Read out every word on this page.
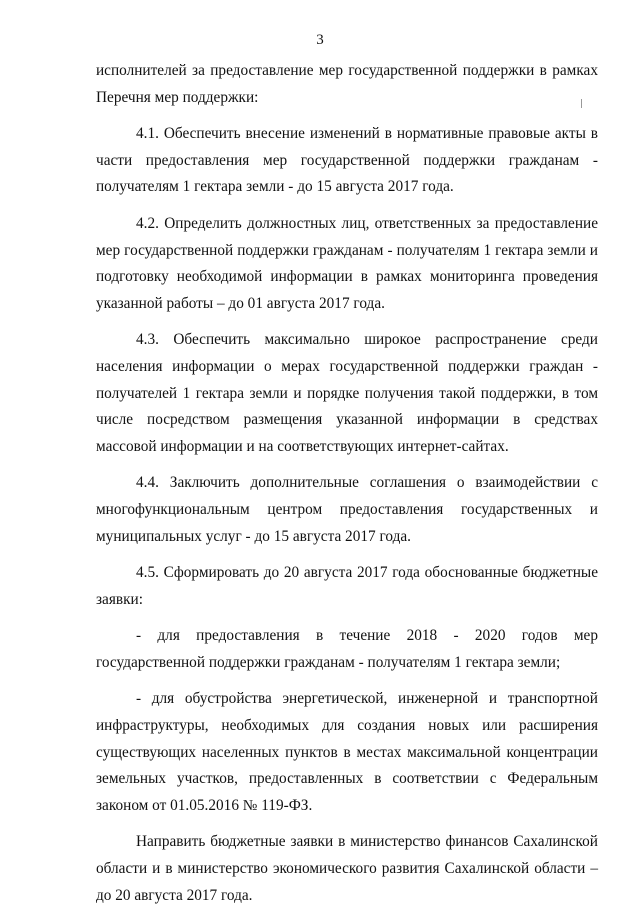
3

исполнителей за предоставление мер государственной поддержки в рамках Перечня мер поддержки:

4.1. Обеспечить внесение изменений в нормативные правовые акты в части предоставления мер государственной поддержки гражданам - получателям 1 гектара земли - до 15 августа 2017 года.

4.2. Определить должностных лиц, ответственных за предоставление мер государственной поддержки гражданам - получателям 1 гектара земли и подготовку необходимой информации в рамках мониторинга проведения указанной работы – до 01 августа 2017 года.

4.3. Обеспечить максимально широкое распространение среди населения информации о мерах государственной поддержки граждан - получателей 1 гектара земли и порядке получения такой поддержки, в том числе посредством размещения указанной информации в средствах массовой информации и на соответствующих интернет-сайтах.

4.4. Заключить дополнительные соглашения о взаимодействии с многофункциональным центром предоставления государственных и муниципальных услуг - до 15 августа 2017 года.

4.5. Сформировать до 20 августа 2017 года обоснованные бюджетные заявки:

- для предоставления в течение 2018 - 2020 годов мер государственной поддержки гражданам - получателям 1 гектара земли;

- для обустройства энергетической, инженерной и транспортной инфраструктуры, необходимых для создания новых или расширения существующих населенных пунктов в местах максимальной концентрации земельных участков, предоставленных в соответствии с Федеральным законом от 01.05.2016 № 119-ФЗ.

Направить бюджетные заявки в министерство финансов Сахалинской области и в министерство экономического развития Сахалинской области – до 20 августа 2017 года.
